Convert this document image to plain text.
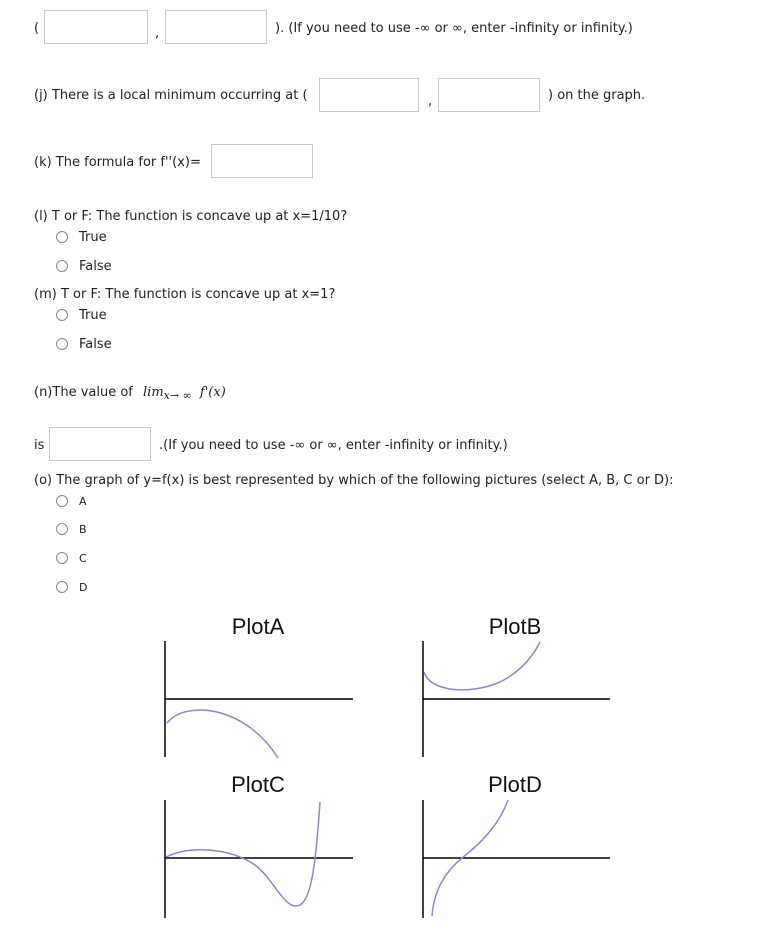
(	,	). (If you need to use -∞ or ∞, enter -infinity or infinity.)
(j) There is a local minimum occurring at (	,	) on the graph.
(k) The formula for f''(x)=
(l) T or F: The function is concave up at x=1/10?
True
False
(m) T or F: The function is concave up at x=1?
True
False
(n)The value of $\lim_{x\to \infty} f'(x)$
is	.(If you need to use -∞ or ∞, enter -infinity or infinity.)
(o) The graph of y=f(x) is best represented by which of the following pictures (select A, B, C or D):
A
B
C
D
PlotA	PlotB
PlotC	PlotD
